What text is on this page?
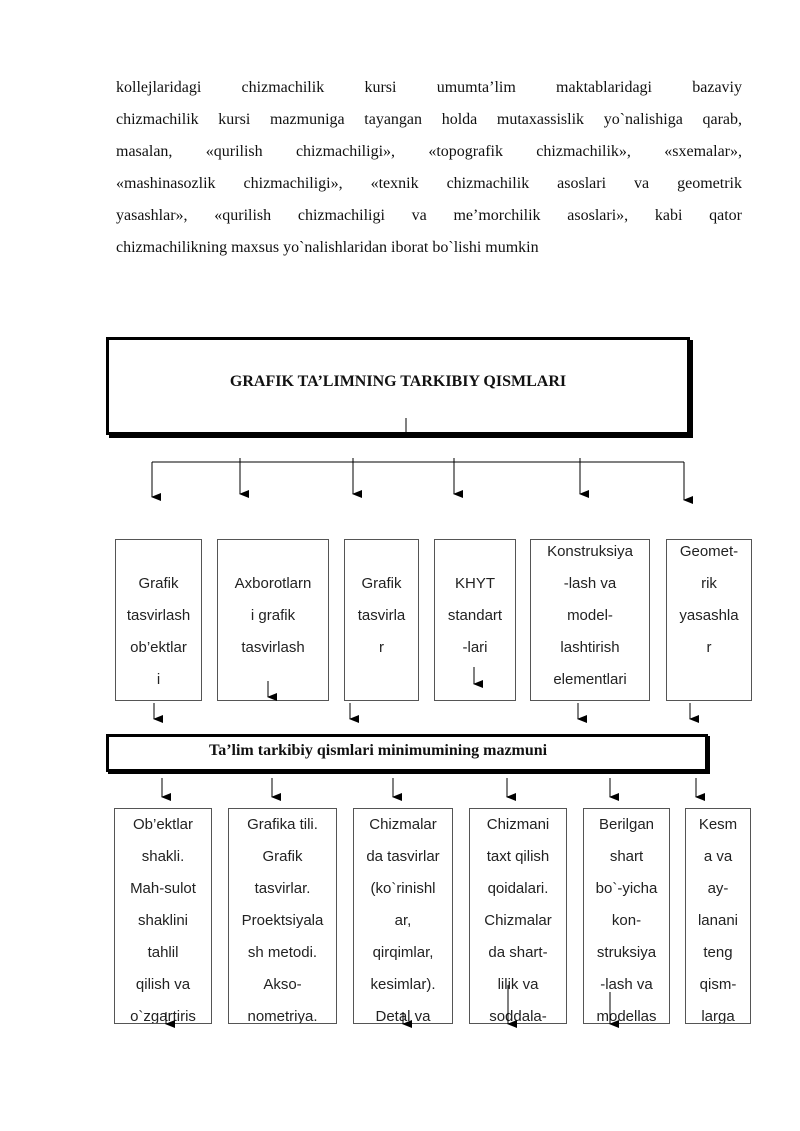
kollejlaridagi chizmachilik kursi umumta’lim maktablaridagi bazaviy
chizmachilik kursi mazmuniga tayangan holda mutaxassislik yo`nalishiga qarab,
masalan, «qurilish chizmachiligi», «topografik chizmachilik», «sxemalar»,
«mashinasozlik chizmachiligi», «texnik chizmachilik asoslari va geometrik
yasashlar», «qurilish chizmachiligi va me’morchilik asoslari», kabi qator
chizmachilikning maxsus yo`nalishlaridan iborat bo`lishi mumkin
GRAFIK TA’LIMNING TARKIBIY QISMLARI
Grafik
tasvirlash
ob’ektlar
i
Axborotlarn
i grafik
tasvirlash
Grafik
tasvirla
r
KHYT
standart
-lari
Konstruksiya
-lash va
model-
lashtirish
elementlari
Geomet-
rik
yasashla
r
Ta’lim tarkibiy qismlari minimumining mazmuni
Ob’ektlar
shakli.
Mah-sulot
shaklini
tahlil
qilish va
o`zgartiris
Grafika tili.
Grafik
tasvirlar.
Proektsiyala
sh metodi.
Akso-
nometriya.
Chizmalar
da tasvirlar
(ko`rinishl
ar,
qirqimlar,
kesimlar).
Detal va
Chizmani
taxt qilish
qoidalari.
Chizmalar
da shart-
lilik va
soddala-
Berilgan
shart
bo`-yicha
kon-
struksiya
-lash va
modellas
Kesm
a va
ay-
lanani
teng
qism-
larga
